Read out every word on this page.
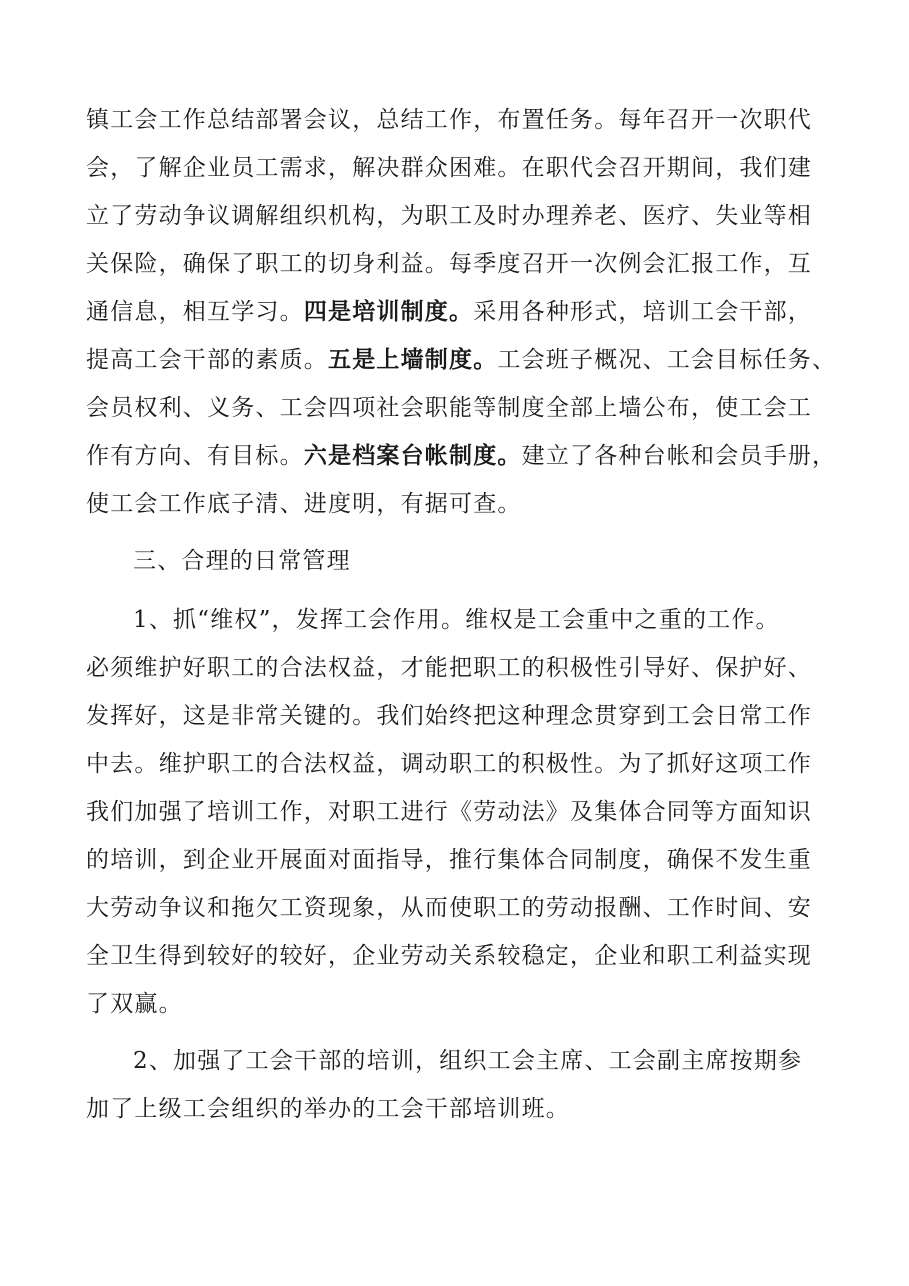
镇工会工作总结部署会议，总结工作，布置任务。每年召开一次职代
会，了解企业员工需求，解决群众困难。在职代会召开期间，我们建
立了劳动争议调解组织机构，为职工及时办理养老、医疗、失业等相
关保险，确保了职工的切身利益。每季度召开一次例会汇报工作，互
通信息，相互学习。四是培训制度。采用各种形式，培训工会干部，
提高工会干部的素质。五是上墙制度。工会班子概况、工会目标任务、
会员权利、义务、工会四项社会职能等制度全部上墙公布，使工会工
作有方向、有目标。六是档案台帐制度。建立了各种台帐和会员手册，
使工会工作底子清、进度明，有据可查。
三、合理的日常管理
1、抓“维权”，发挥工会作用。维权是工会重中之重的工作。
必须维护好职工的合法权益，才能把职工的积极性引导好、保护好、
发挥好，这是非常关键的。我们始终把这种理念贯穿到工会日常工作
中去。维护职工的合法权益，调动职工的积极性。为了抓好这项工作
我们加强了培训工作，对职工进行《劳动法》及集体合同等方面知识
的培训，到企业开展面对面指导，推行集体合同制度，确保不发生重
大劳动争议和拖欠工资现象，从而使职工的劳动报酬、工作时间、安
全卫生得到较好的较好，企业劳动关系较稳定，企业和职工利益实现
了双赢。
2、加强了工会干部的培训，组织工会主席、工会副主席按期参
加了上级工会组织的举办的工会干部培训班。
